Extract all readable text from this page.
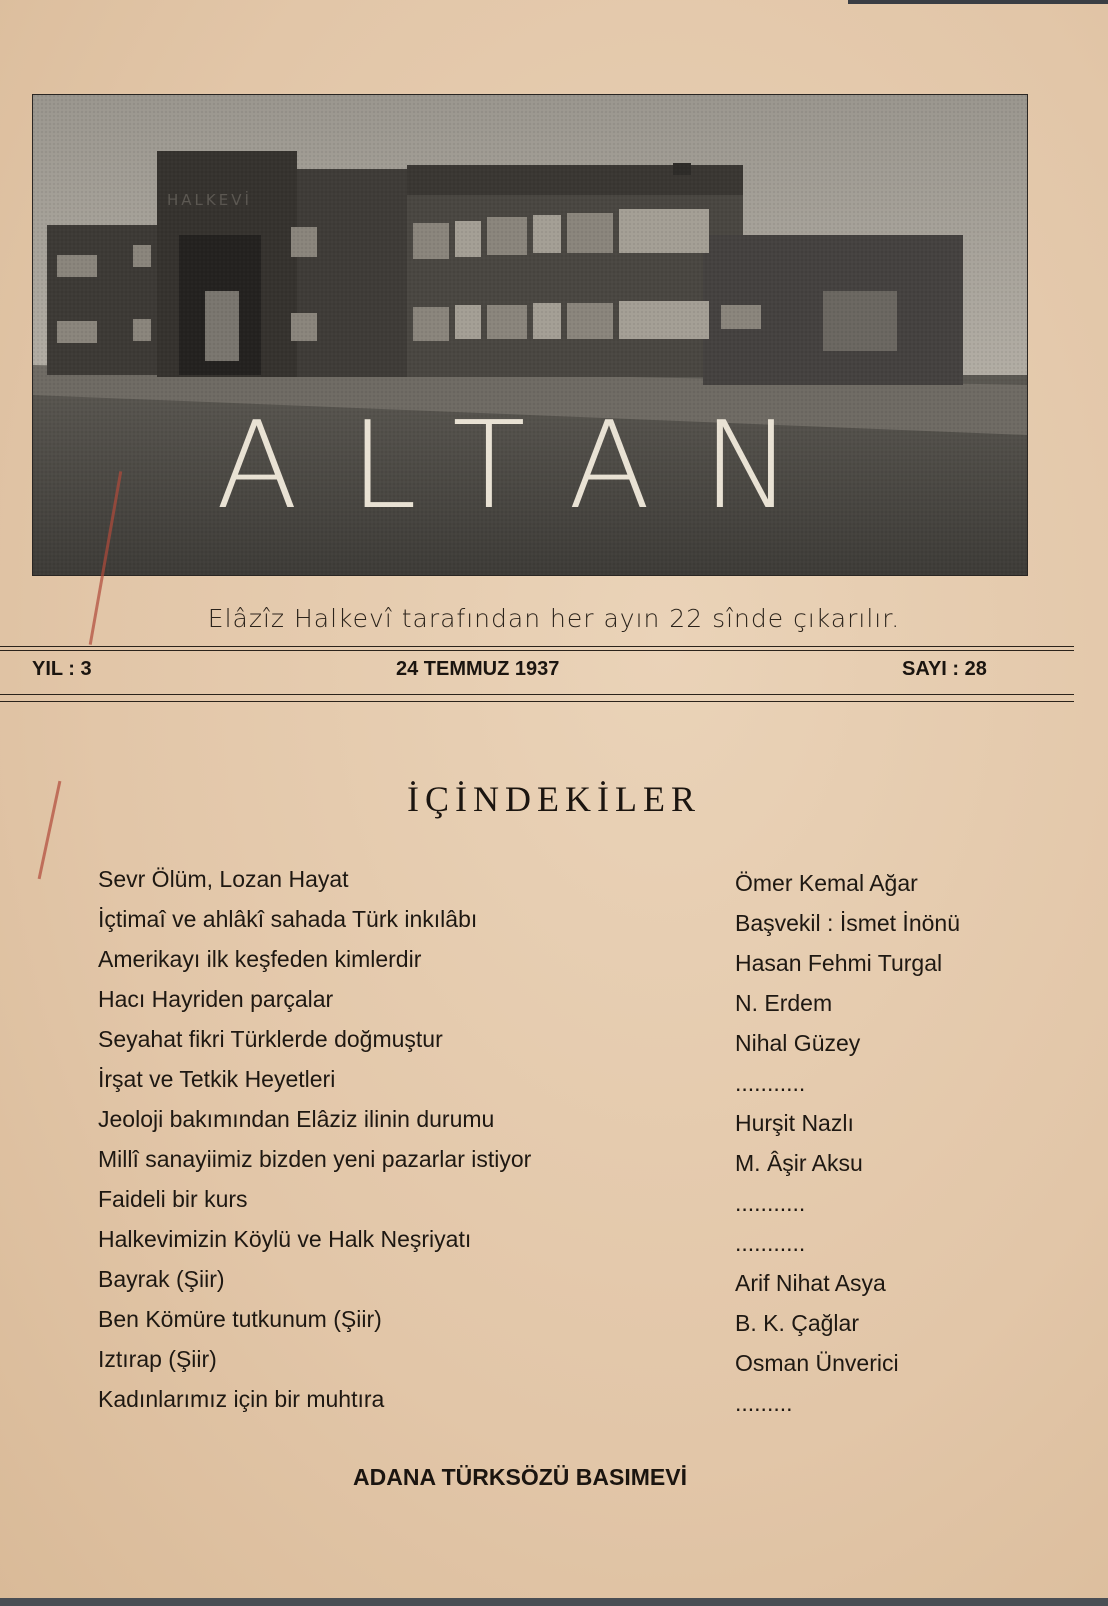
ALTAN
Elâzîz Halkevî tarafından her ayın 22 sînde çıkarılır.
YIL : 3	24 TEMMUZ 1937	SAYI : 28
İÇİNDEKİLER
Sevr Ölüm, Lozan Hayat	Ömer Kemal Ağar
İçtimaî ve ahlâkî sahada Türk inkılâbı	Başvekil : İsmet İnönü
Amerikayı ilk keşfeden kimlerdir	Hasan Fehmi Turgal
Hacı Hayriden parçalar	N. Erdem
Seyahat fikri Türklerde doğmuştur	Nihal Güzey
İrşat ve Tetkik Heyetleri	...........
Jeoloji bakımından Elâziz ilinin durumu	Hurşit Nazlı
Millî sanayiimiz bizden yeni pazarlar istiyor	M. Âşir Aksu
Faideli bir kurs	...........
Halkevimizin Köylü ve Halk Neşriyatı	...........
Bayrak (Şiir)	Arif Nihat Asya
Ben Kömüre tutkunum (Şiir)	B. K. Çağlar
Iztırap (Şiir)	Osman Ünverici
Kadınlarımız için bir muhtıra	.........
ADANA TÜRKSÖZÜ BASIMEVİ
